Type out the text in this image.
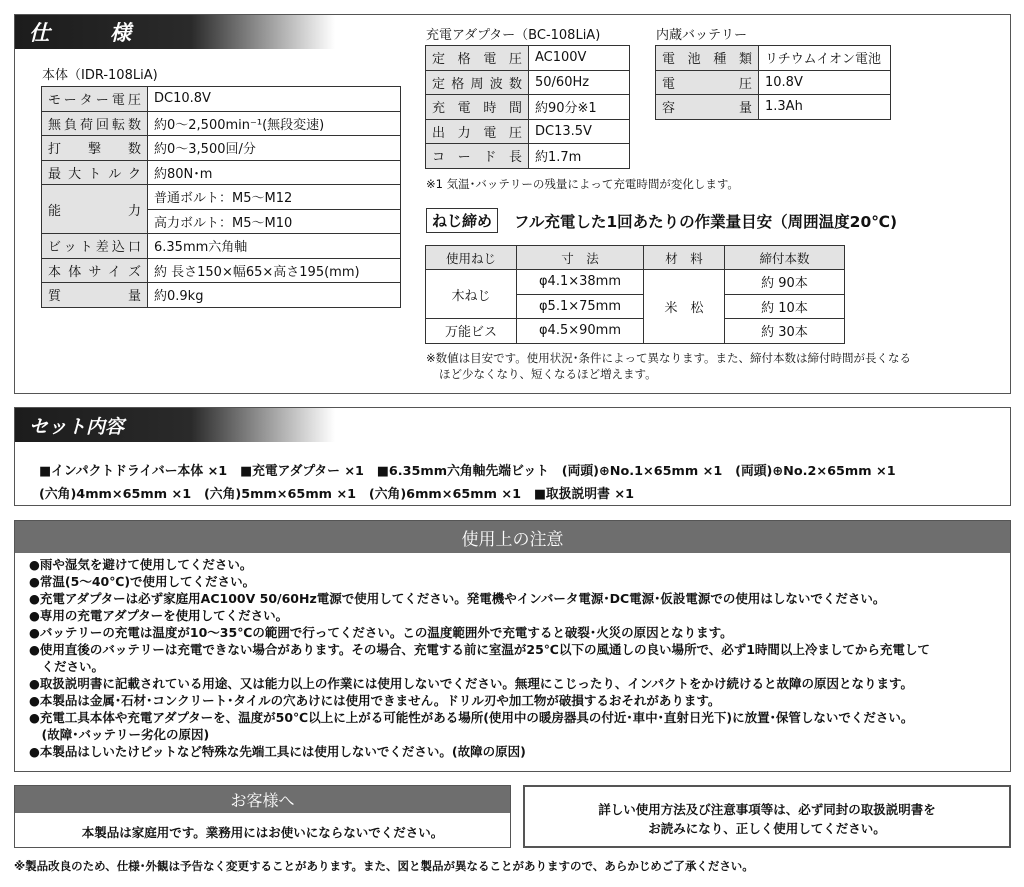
仕　　様
本体（IDR-108LiA)
モーター電圧	DC10.8V
無負荷回転数	約0〜2,500min⁻¹(無段変速)
打　撃　数	約0〜3,500回/分
最大トルク	約80N･m
能　　　　力	普通ボルト：M5〜M12
	高力ボルト：M5〜M10
ビット差込口	6.35mm六角軸
本体サイズ	約 長さ150×幅65×高さ195(mm)
質　　　　量	約0.9kg
充電アダプター（BC-108LiA)
定格電圧	AC100V
定格周波数	50/60Hz
充電時間	約90分※1
出力電圧	DC13.5V
コード長	約1.7m
※1 気温･バッテリーの残量によって充電時間が変化します。
内蔵バッテリー
電池種類	リチウムイオン電池
電　　　圧	10.8V
容　　　量	1.3Ah
ねじ締め	フル充電した1回あたりの作業量目安（周囲温度20℃)
使用ねじ	寸　法	材　料	締付本数
木ねじ	φ4.1×38mm	米　松	約 90本
	φ5.1×75mm		約 10本
万能ビス	φ4.5×90mm		約 30本
※数値は目安です。使用状況･条件によって異なります。また、締付本数は締付時間が長くなる
ほど少なくなり、短くなるほど増えます。
セット内容
■インパクトドライバー本体 ×1　■充電アダプター ×1　■6.35mm六角軸先端ビット　(両頭)⊕No.1×65mm ×1　(両頭)⊕No.2×65mm ×1
(六角)4mm×65mm ×1　(六角)5mm×65mm ×1　(六角)6mm×65mm ×1　■取扱説明書 ×1
使用上の注意
●雨や湿気を避けて使用してください。
●常温(5〜40℃)で使用してください。
●充電アダプターは必ず家庭用AC100V 50/60Hz電源で使用してください。発電機やインバータ電源･DC電源･仮設電源での使用はしないでください。
●専用の充電アダプターを使用してください。
●バッテリーの充電は温度が10〜35℃の範囲で行ってください。この温度範囲外で充電すると破裂･火災の原因となります。
●使用直後のバッテリーは充電できない場合があります。その場合、充電する前に室温が25℃以下の風通しの良い場所で、必ず1時間以上冷ましてから充電して
　ください。
●取扱説明書に記載されている用途、又は能力以上の作業には使用しないでください。無理にこじったり、インパクトをかけ続けると故障の原因となります。
●本製品は金属･石材･コンクリート･タイルの穴あけには使用できません。ドリル刃や加工物が破損するおそれがあります。
●充電工具本体や充電アダプターを、温度が50℃以上に上がる可能性がある場所(使用中の暖房器具の付近･車中･直射日光下)に放置･保管しないでください。
　(故障･バッテリー劣化の原因)
●本製品はしいたけビットなど特殊な先端工具には使用しないでください。(故障の原因)
お客様へ
本製品は家庭用です。業務用にはお使いにならないでください。
詳しい使用方法及び注意事項等は、必ず同封の取扱説明書を
お読みになり、正しく使用してください。
※製品改良のため、仕様･外観は予告なく変更することがあります。また、図と製品が異なることがありますので、あらかじめご了承ください。
